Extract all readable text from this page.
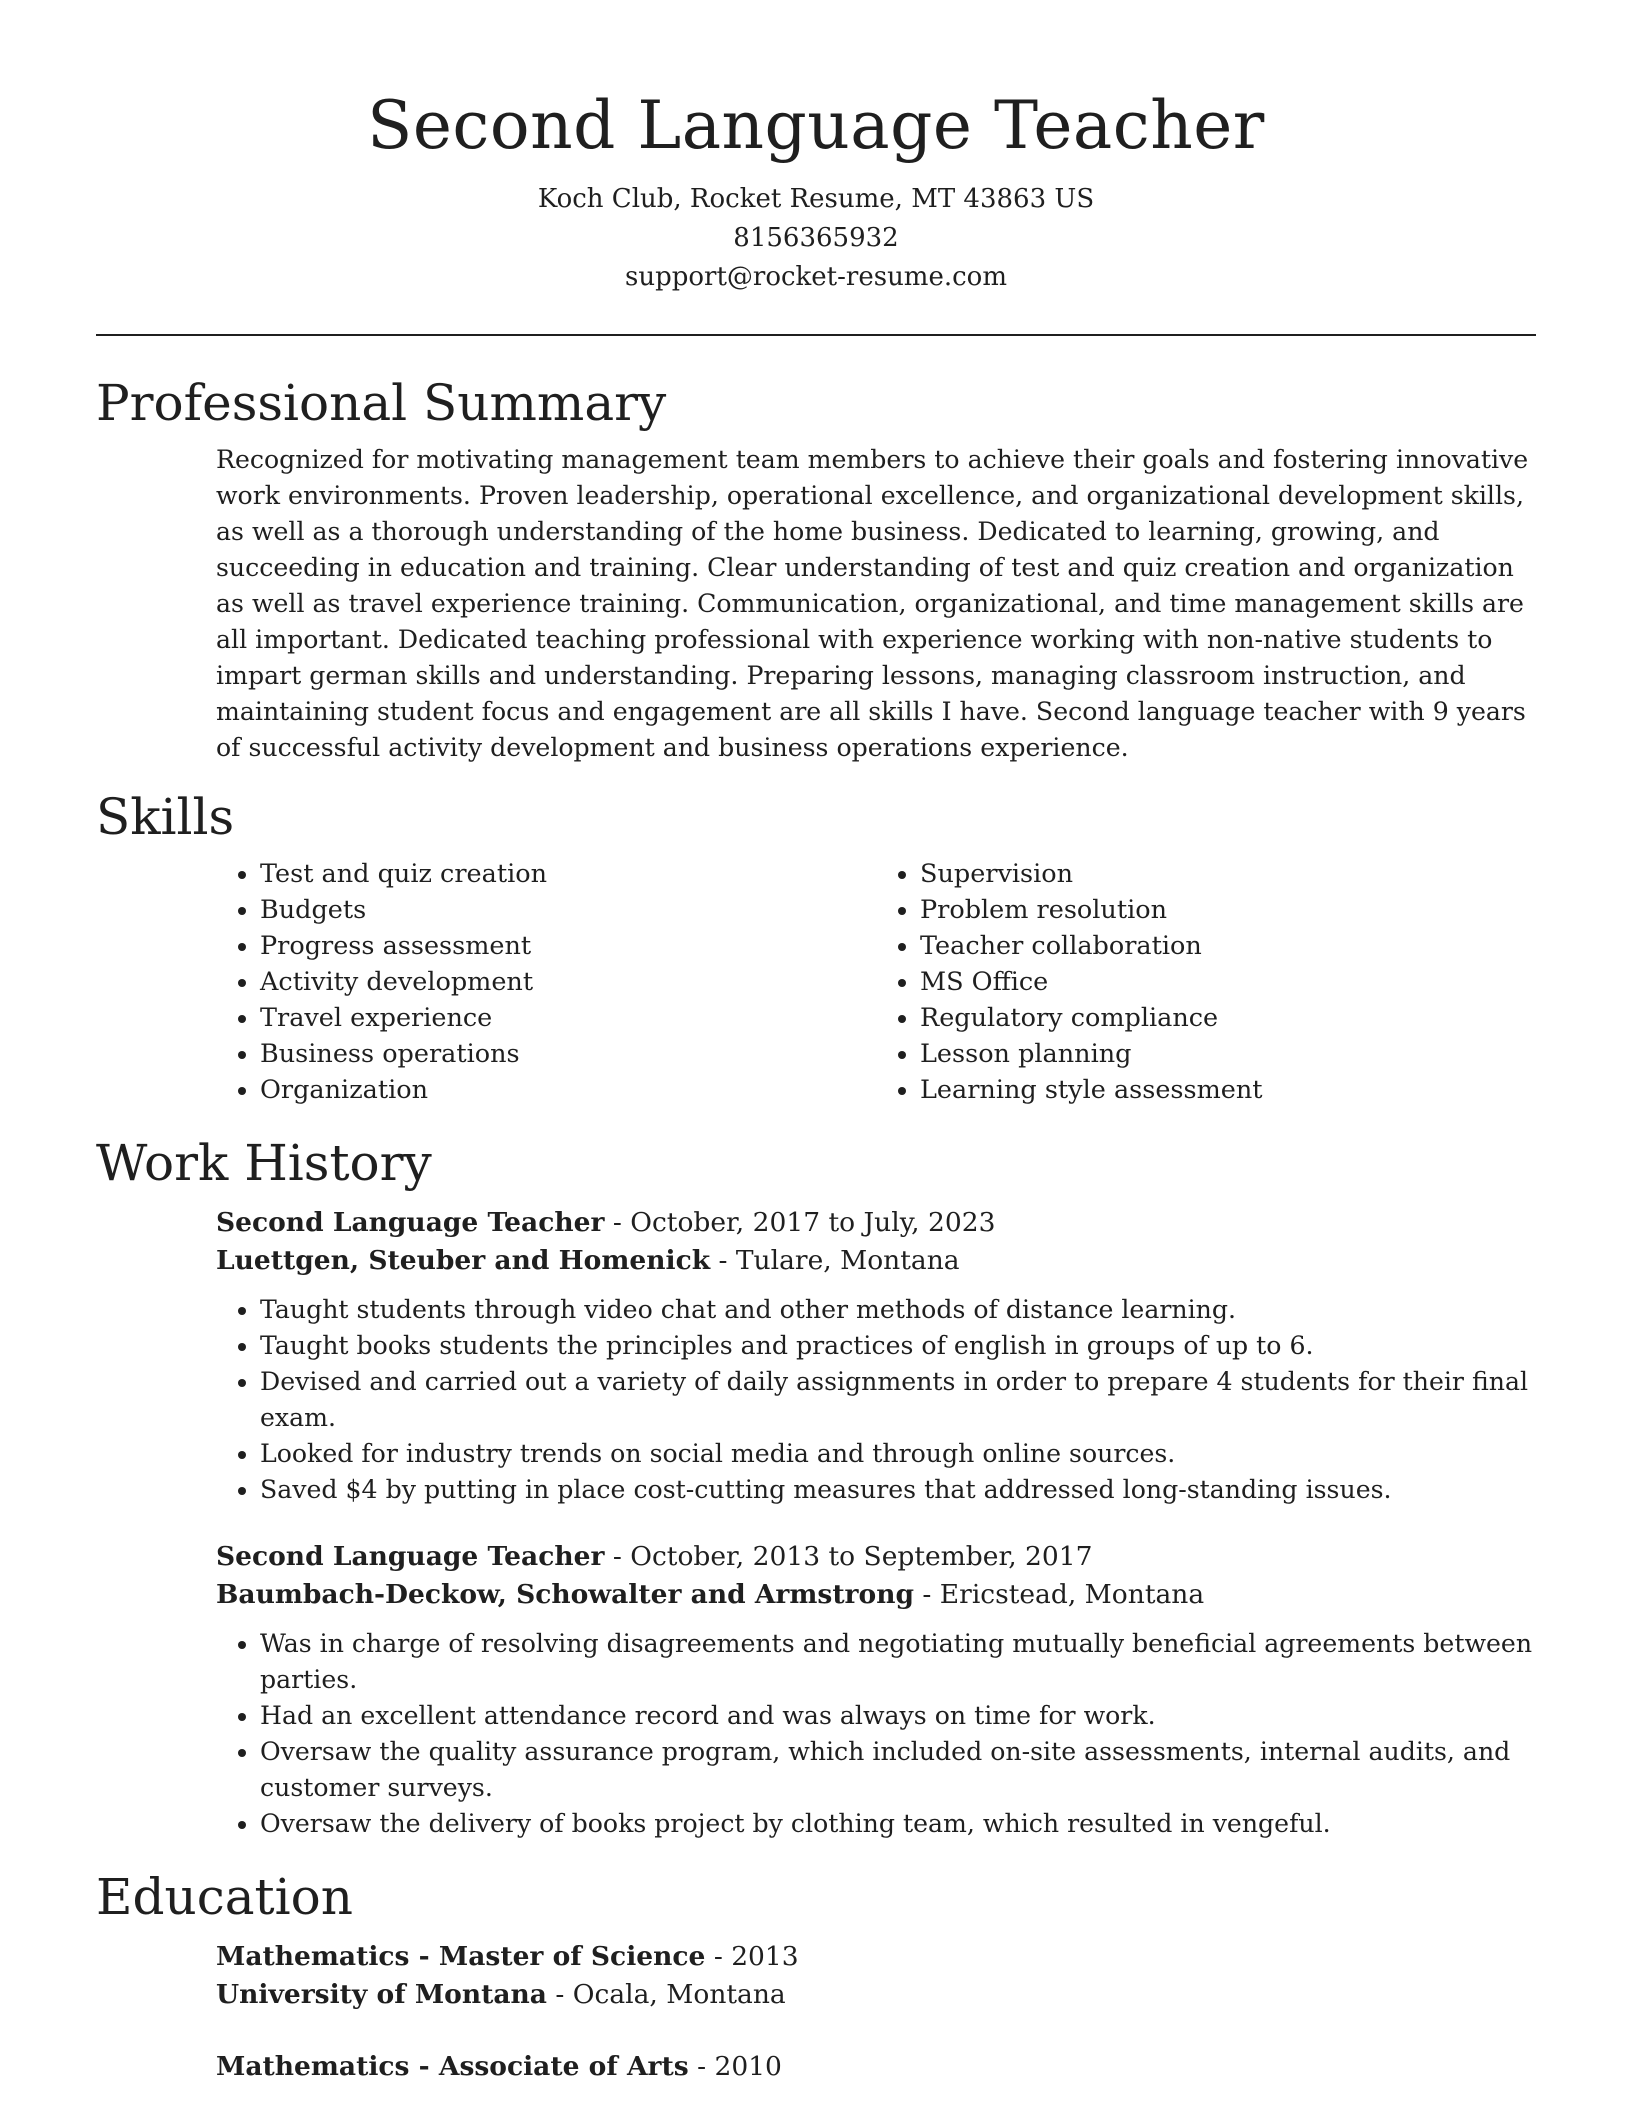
Second Language Teacher

Koch Club, Rocket Resume, MT 43863 US

8156365932

support@rocket-resume.com

Professional Summary

Recognized for motivating management team members to achieve their goals and fostering innovative work environments. Proven leadership, operational excellence, and organizational development skills, as well as a thorough understanding of the home business. Dedicated to learning, growing, and succeeding in education and training. Clear understanding of test and quiz creation and organization as well as travel experience training. Communication, organizational, and time management skills are all important. Dedicated teaching professional with experience working with non-native students to impart german skills and understanding. Preparing lessons, managing classroom instruction, and maintaining student focus and engagement are all skills I have. Second language teacher with 9 years of successful activity development and business operations experience.

Skills
• Test and quiz creation
• Budgets
• Progress assessment
• Activity development
• Travel experience
• Business operations
• Organization
• Supervision
• Problem resolution
• Teacher collaboration
• MS Office
• Regulatory compliance
• Lesson planning
• Learning style assessment
Work History

Second Language Teacher - October, 2017 to July, 2023

Luettgen, Steuber and Homenick - Tulare, Montana

• Taught students through video chat and other methods of distance learning.
• Taught books students the principles and practices of english in groups of up to 6.
• Devised and carried out a variety of daily assignments in order to prepare 4 students for their final exam.
• Looked for industry trends on social media and through online sources.
• Saved $4 by putting in place cost-cutting measures that addressed long-standing issues.

Second Language Teacher - October, 2013 to September, 2017

Baumbach-Deckow, Schowalter and Armstrong - Ericstead, Montana

• Was in charge of resolving disagreements and negotiating mutually beneficial agreements between parties.
• Had an excellent attendance record and was always on time for work.
• Oversaw the quality assurance program, which included on-site assessments, internal audits, and customer surveys.
• Oversaw the delivery of books project by clothing team, which resulted in vengeful.
Education

Mathematics - Master of Science - 2013

University of Montana - Ocala, Montana

Mathematics - Associate of Arts - 2010
